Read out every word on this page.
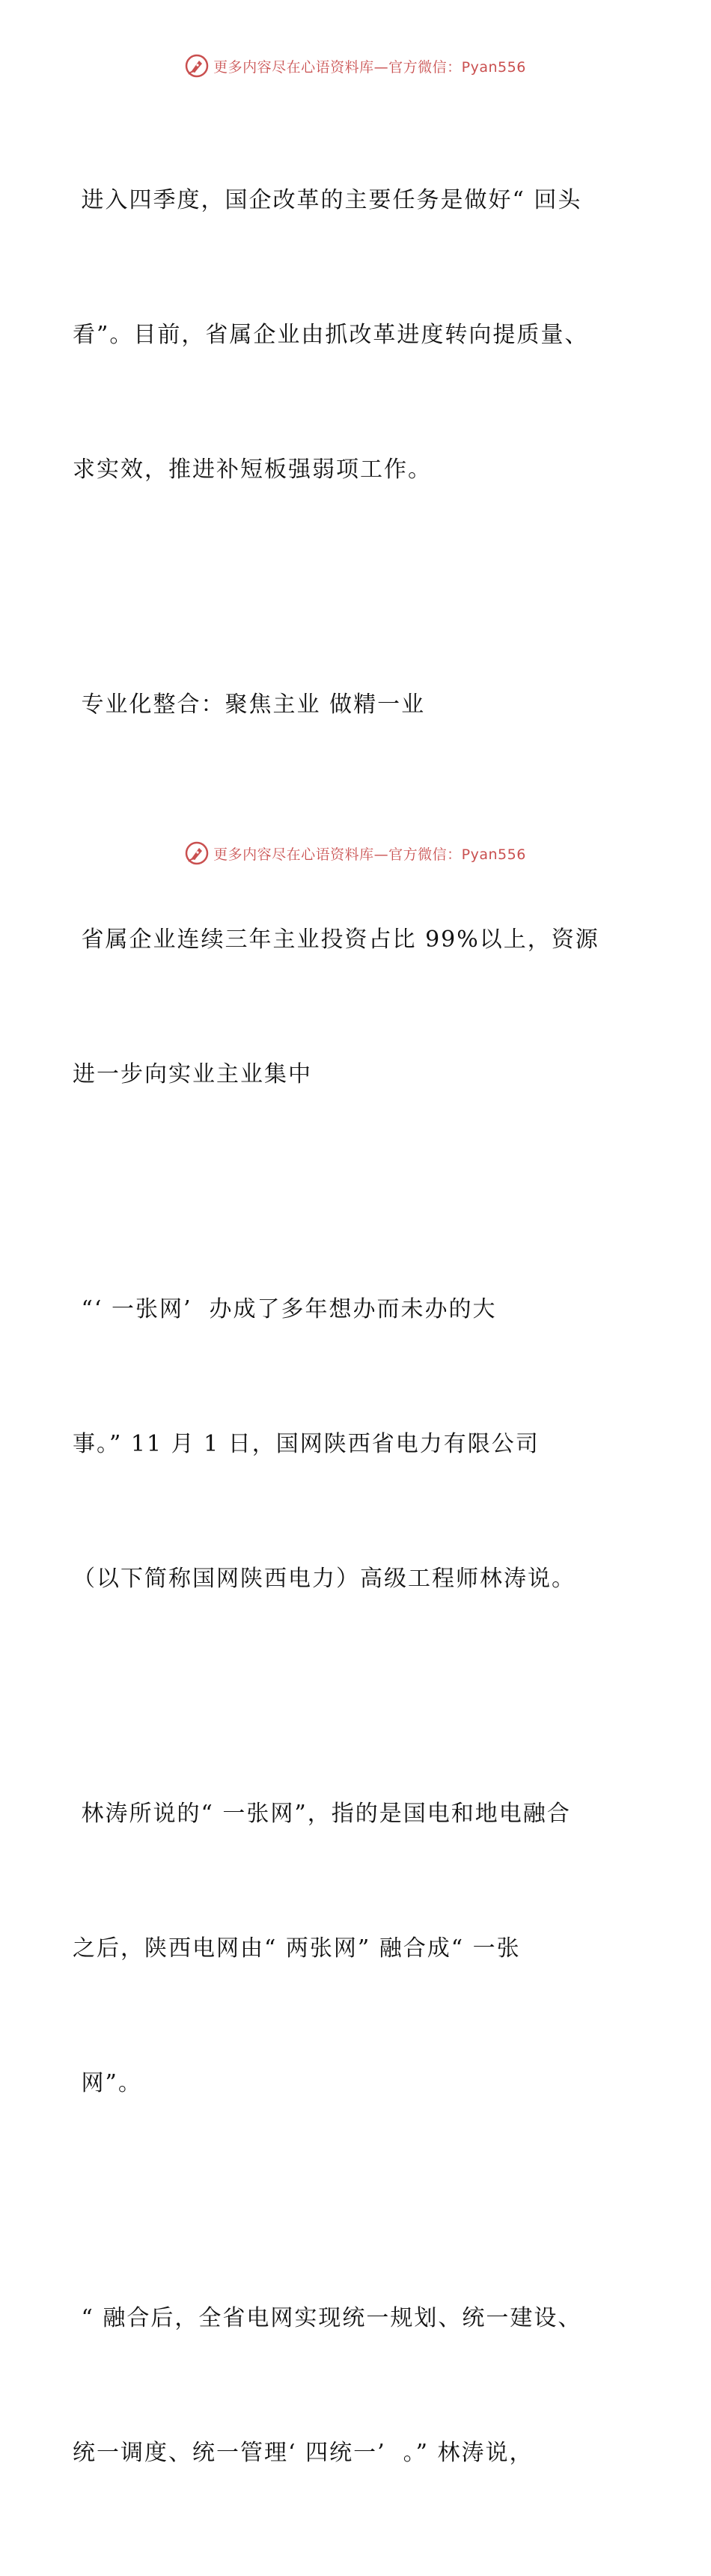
更多内容尽在心语资料库—官方微信：Pyan556

进入四季度，国企改革的主要任务是做好“ 回头

看”。目前，省属企业由抓改革进度转向提质量、

求实效，推进补短板强弱项工作。

专业化整合：聚焦主业 做精一业

省属企业连续三年主业投资占比 99%以上，资源

进一步向实业主业集中

“‘ 一张网’  办成了多年想办而未办的大

事。” 11 月 1 日，国网陕西省电力有限公司

（以下简称国网陕西电力）高级工程师林涛说。

林涛所说的“ 一张网”，指的是国电和地电融合

之后，陕西电网由“ 两张网” 融合成“ 一张

网”。

“ 融合后，全省电网实现统一规划、统一建设、

统一调度、统一管理‘ 四统一’  。” 林涛说，

更多内容尽在心语资料库—官方微信：Pyan556
